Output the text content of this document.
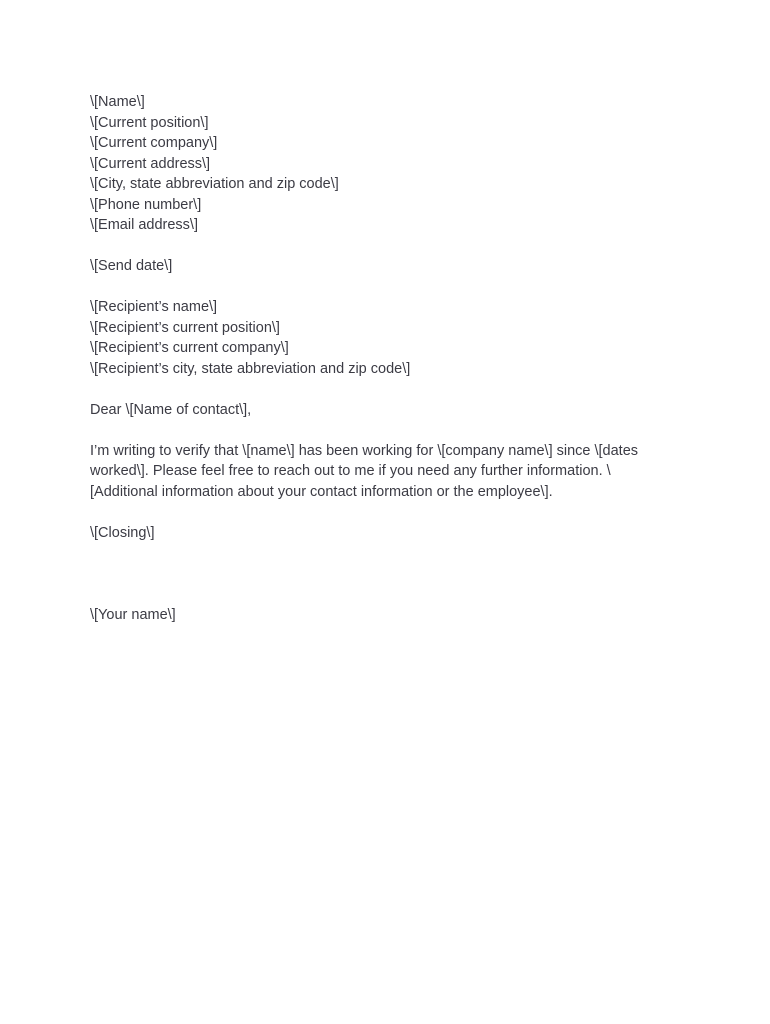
\[Name\]
\[Current position\]
\[Current company\]
\[Current address\]
\[City, state abbreviation and zip code\]
\[Phone number\]
\[Email address\]
\[Send date\]
\[Recipient’s name\]
\[Recipient’s current position\]
\[Recipient’s current company\]
\[Recipient’s city, state abbreviation and zip code\]
Dear \[Name of contact\],
I’m writing to verify that \[name\] has been working for \[company name\] since \[dates
worked\]. Please feel free to reach out to me if you need any further information. \
[Additional information about your contact information or the employee\].
\[Closing\]
\[Your name\]
